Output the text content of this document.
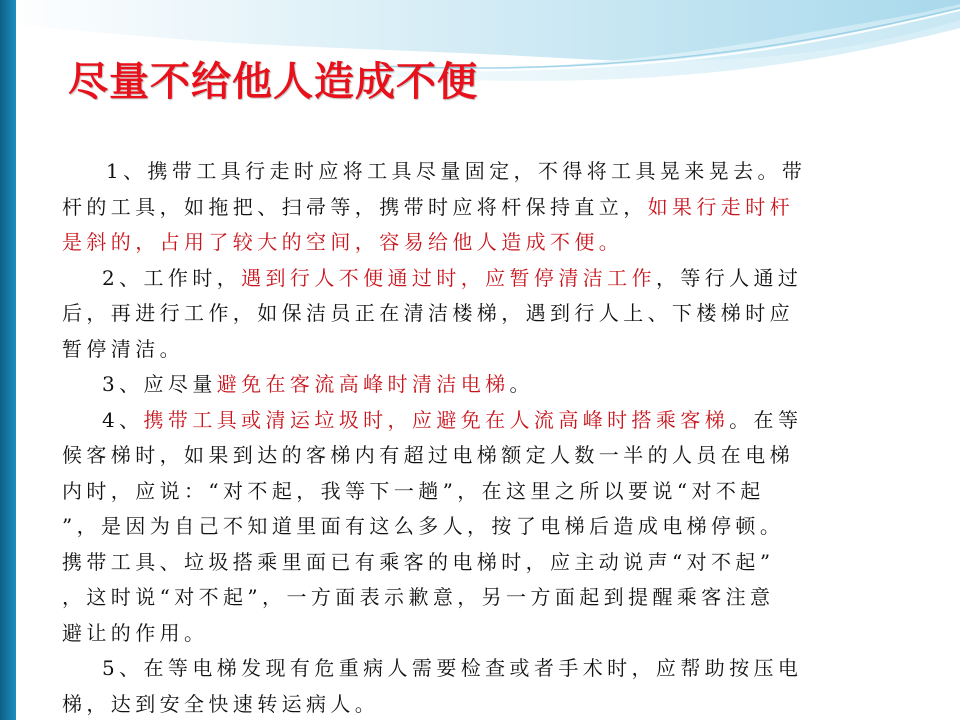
尽量不给他人造成不便
1、携带工具行走时应将工具尽量固定，不得将工具晃来晃去。带
杆的工具，如拖把、扫帚等，携带时应将杆保持直立，如果行走时杆
是斜的，占用了较大的空间，容易给他人造成不便。
2、工作时，遇到行人不便通过时，应暂停清洁工作，等行人通过
后，再进行工作，如保洁员正在清洁楼梯，遇到行人上、下楼梯时应
暂停清洁。
3、应尽量避免在客流高峰时清洁电梯。
4、携带工具或清运垃圾时，应避免在人流高峰时搭乘客梯。在等
候客梯时，如果到达的客梯内有超过电梯额定人数一半的人员在电梯
内时，应说：“对不起，我等下一趟”，在这里之所以要说“对不起
”，是因为自己不知道里面有这么多人，按了电梯后造成电梯停顿。
携带工具、垃圾搭乘里面已有乘客的电梯时，应主动说声“对不起”
，这时说“对不起”，一方面表示歉意，另一方面起到提醒乘客注意
避让的作用。
5、在等电梯发现有危重病人需要检查或者手术时，应帮助按压电
梯，达到安全快速转运病人。
